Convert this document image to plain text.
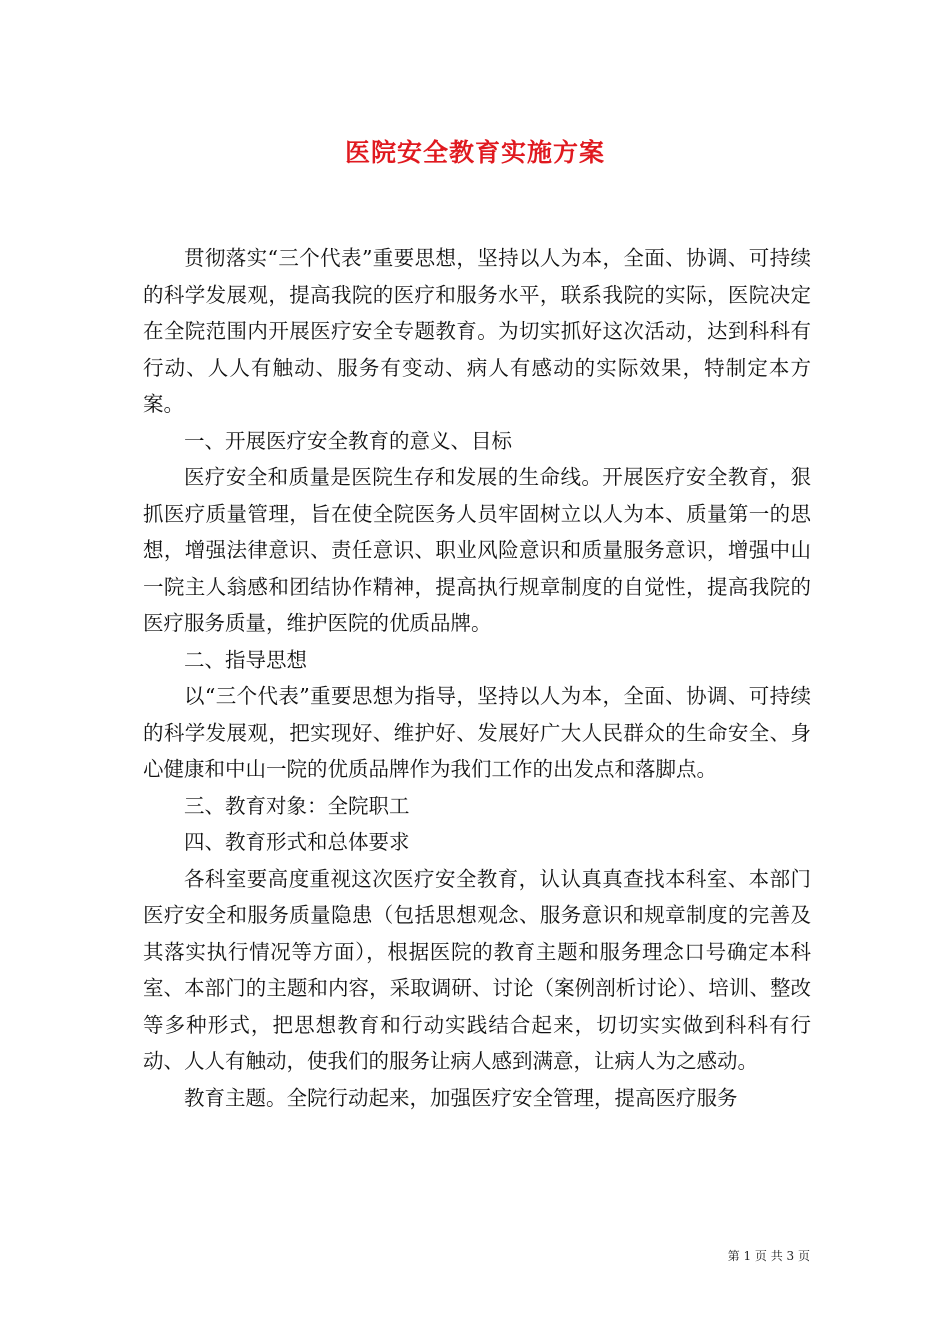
医院安全教育实施方案

贯彻落实“三个代表”重要思想，坚持以人为本，全面、协调、可持续的科学发展观，提高我院的医疗和服务水平，联系我院的实际，医院决定在全院范围内开展医疗安全专题教育。为切实抓好这次活动，达到科科有行动、人人有触动、服务有变动、病人有感动的实际效果，特制定本方案。

一、开展医疗安全教育的意义、目标

医疗安全和质量是医院生存和发展的生命线。开展医疗安全教育，狠抓医疗质量管理，旨在使全院医务人员牢固树立以人为本、质量第一的思想，增强法律意识、责任意识、职业风险意识和质量服务意识，增强中山一院主人翁感和团结协作精神，提高执行规章制度的自觉性，提高我院的医疗服务质量，维护医院的优质品牌。

二、指导思想

以“三个代表”重要思想为指导，坚持以人为本，全面、协调、可持续的科学发展观，把实现好、维护好、发展好广大人民群众的生命安全、身心健康和中山一院的优质品牌作为我们工作的出发点和落脚点。

三、教育对象：全院职工

四、教育形式和总体要求

各科室要高度重视这次医疗安全教育，认认真真查找本科室、本部门医疗安全和服务质量隐患（包括思想观念、服务意识和规章制度的完善及其落实执行情况等方面），根据医院的教育主题和服务理念口号确定本科室、本部门的主题和内容，采取调研、讨论（案例剖析讨论）、培训、整改等多种形式，把思想教育和行动实践结合起来，切切实实做到科科有行动、人人有触动，使我们的服务让病人感到满意，让病人为之感动。

教育主题。全院行动起来，加强医疗安全管理，提高医疗服务

第 1 页 共 3 页
